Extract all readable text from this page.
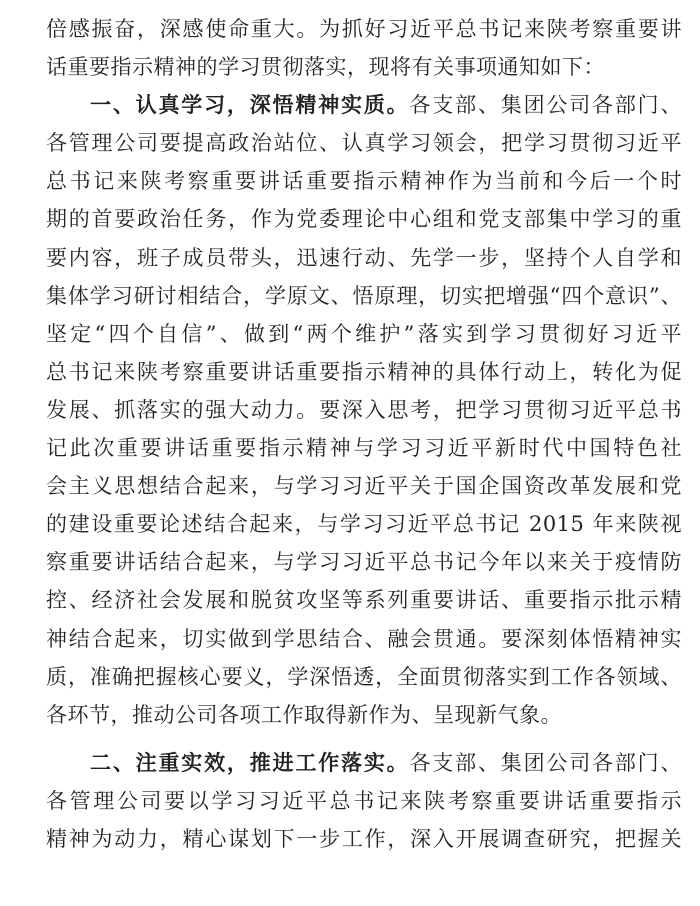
倍感振奋，深感使命重大。为抓好习近平总书记来陕考察重要讲
话重要指示精神的学习贯彻落实，现将有关事项通知如下：
一、认真学习，深悟精神实质。各支部、集团公司各部门、
各管理公司要提高政治站位、认真学习领会，把学习贯彻习近平
总书记来陕考察重要讲话重要指示精神作为当前和今后一个时
期的首要政治任务，作为党委理论中心组和党支部集中学习的重
要内容，班子成员带头，迅速行动、先学一步，坚持个人自学和
集体学习研讨相结合，学原文、悟原理，切实把增强“四个意识”、
坚定“四个自信”、做到“两个维护”落实到学习贯彻好习近平
总书记来陕考察重要讲话重要指示精神的具体行动上，转化为促
发展、抓落实的强大动力。要深入思考，把学习贯彻习近平总书
记此次重要讲话重要指示精神与学习习近平新时代中国特色社
会主义思想结合起来，与学习习近平关于国企国资改革发展和党
的建设重要论述结合起来，与学习习近平总书记 2015 年来陕视
察重要讲话结合起来，与学习习近平总书记今年以来关于疫情防
控、经济社会发展和脱贫攻坚等系列重要讲话、重要指示批示精
神结合起来，切实做到学思结合、融会贯通。要深刻体悟精神实
质，准确把握核心要义，学深悟透，全面贯彻落实到工作各领域、
各环节，推动公司各项工作取得新作为、呈现新气象。
二、注重实效，推进工作落实。各支部、集团公司各部门、
各管理公司要以学习习近平总书记来陕考察重要讲话重要指示
精神为动力，精心谋划下一步工作，深入开展调查研究，把握关
